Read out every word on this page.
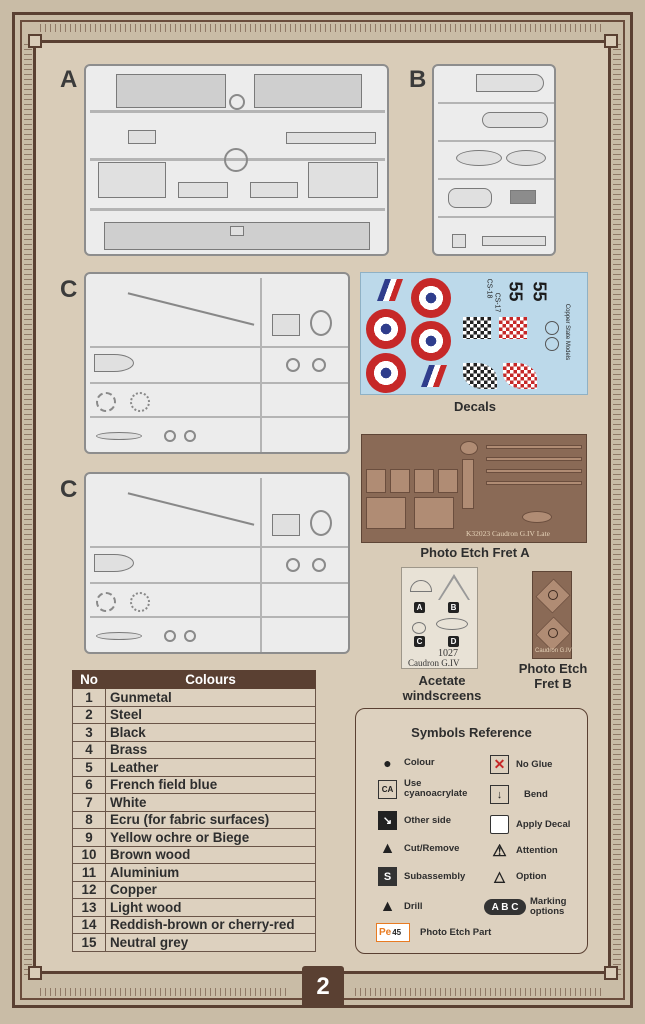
A	B
C
C
55 55
CS-18
CS-17
Copper State Models
Decals
K32023 Caudron G.IV Late
Photo Etch Fret A
A	B
C	D
1027
Caudron G.IV
Acetate windscreens
Caudron G.IV
Photo Etch Fret B
No	Colours
1	Gunmetal
2	Steel
3	Black
4	Brass
5	Leather
6	French field blue
7	White
8	Ecru (for fabric surfaces)
9	Yellow ochre or Biege
10	Brown wood
11	Aluminium
12	Copper
13	Light wood
14	Reddish-brown or cherry-red
15	Neutral grey
Symbols Reference
●	Colour	✕	No Glue
CA	Use cyanoacrylate	↓	Bend
↘	Other side	Apply Decal
▲ Cut/Remove ⚠ Attention
S	Subassembly △	Option
▲ Drill	A B C	Marking options
Pe 45 Photo Etch Part
2
